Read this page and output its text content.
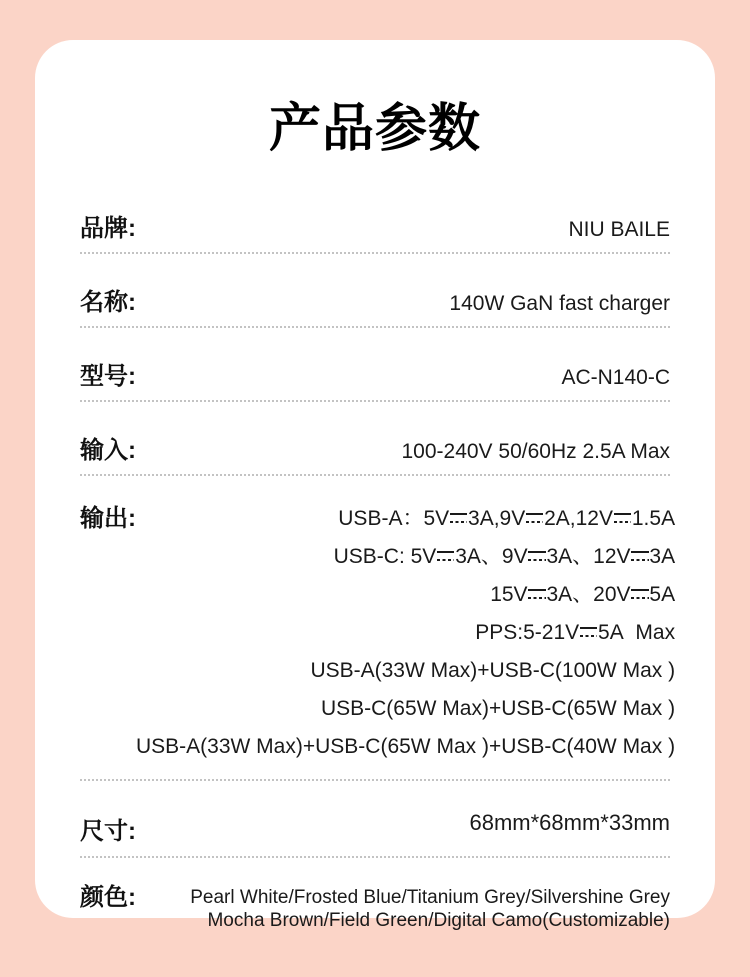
产品参数
品牌:	NIU BAILE
名称:	140W GaN fast charger
型号:	AC-N140-C
输入:	100-240V 50/60Hz 2.5A Max
输出:	USB-A：5V 3A,9V 2A,12V 1.5A
USB-C: 5V 3A、9V 3A、12V 3A
15V 3A、20V 5A
PPS:5-21V 5A  Max
USB-A(33W Max)+USB-C(100W Max )
USB-C(65W Max)+USB-C(65W Max )
USB-A(33W Max)+USB-C(65W Max )+USB-C(40W Max )
尺寸:	68mm*68mm*33mm
颜色:	Pearl White/Frosted Blue/Titanium Grey/Silvershine Grey
Mocha Brown/Field Green/Digital Camo(Customizable)
